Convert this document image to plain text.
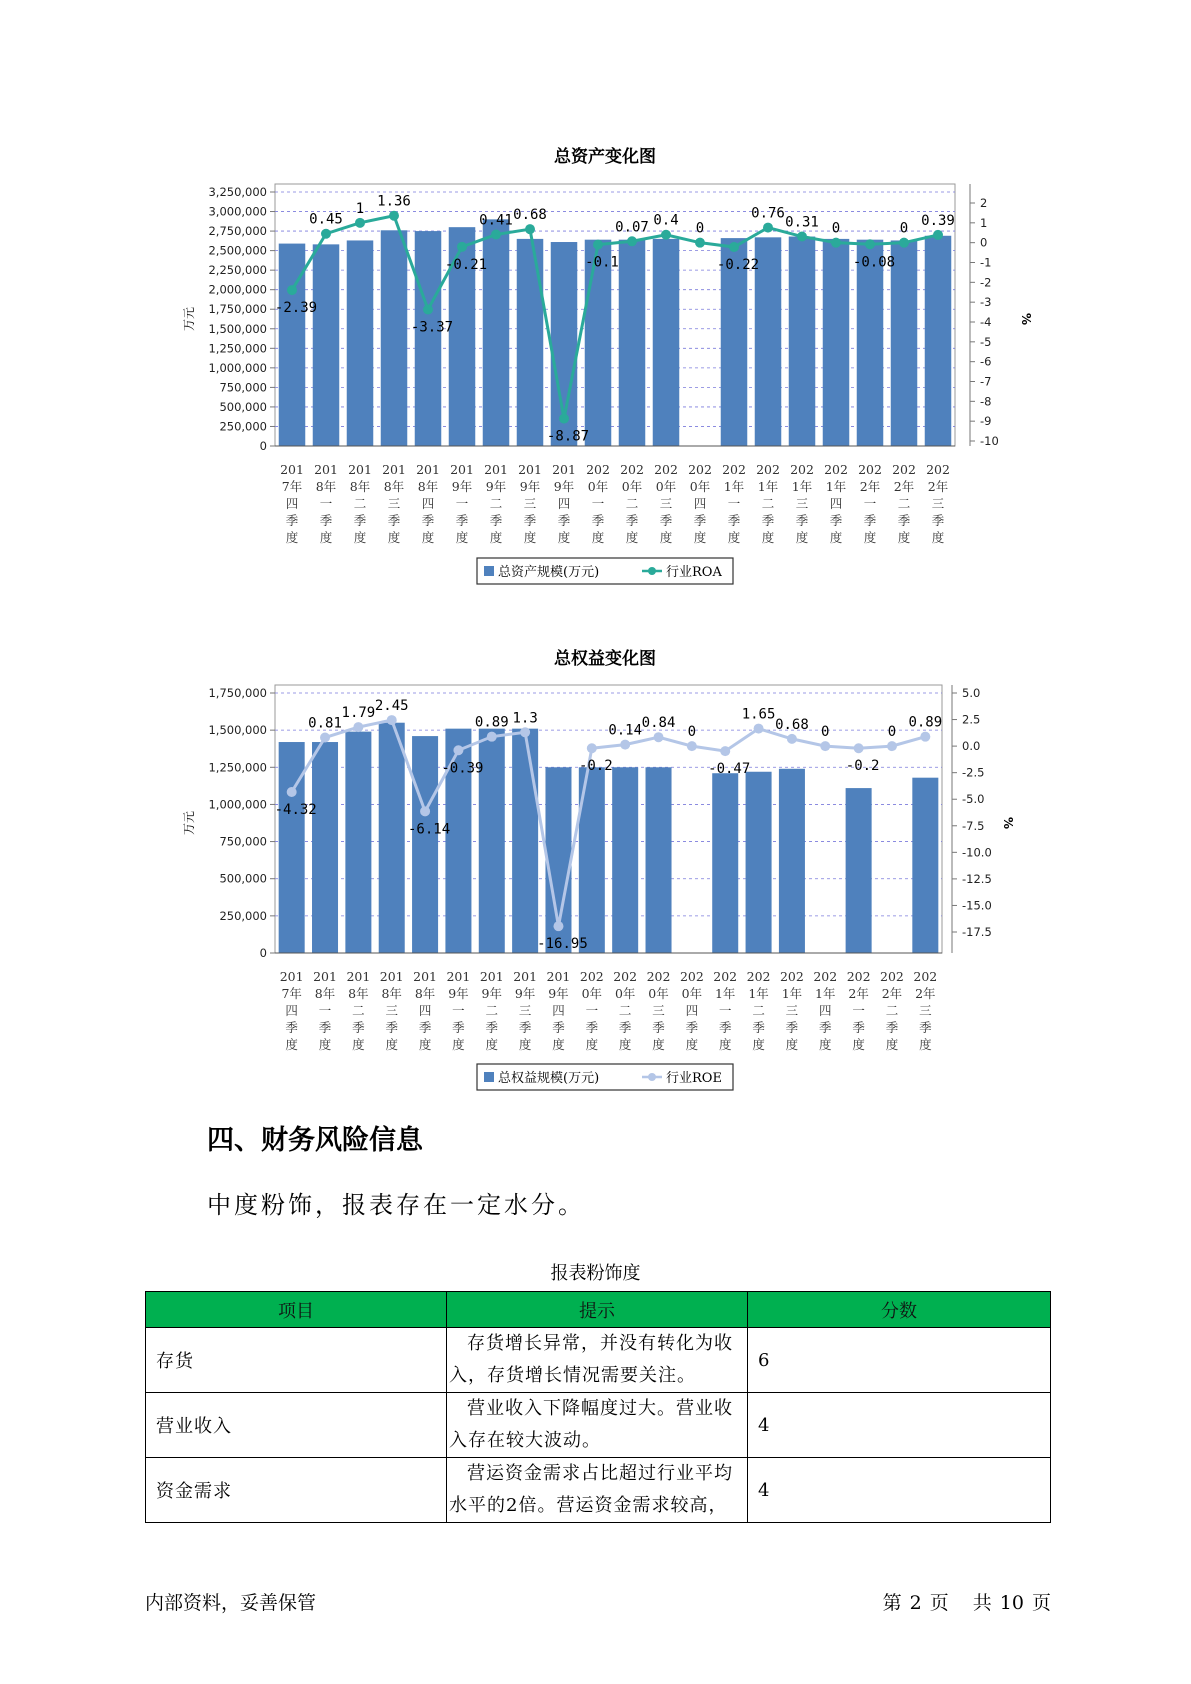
总资产变化图
0
250,000
500,000
750,000
1,000,000
1,250,000
1,500,000
1,750,000
2,000,000
2,250,000
2,500,000
2,750,000
3,000,000
3,250,000
万元
-10
-9
-8
-7
-6
-5
-4
-3
-2
-1
0
1
2
%
201 7年四季度
201 8年一季度
201 8年二季度
201 8年三季度
201 8年四季度
201 9年一季度
201 9年二季度
201 9年三季度
201 9年四季度
202 0年一季度
202 0年二季度
202 0年三季度
202 0年四季度
202 1年一季度
202 1年二季度
202 1年三季度
202 1年四季度
202 2年一季度
202 2年二季度
202 2年三季度
-2.39
0.45
1 1.36
-3.37
-0.21
0.41 0.68
-8.87
-0.1
0.07 0.4 0
-0.22
0.76
0.31 0
-0.08
0 0.39
总资产规模(万元)	行业ROA
总权益变化图
0
250,000
500,000
750,000
1,000,000
1,250,000
1,500,000
1,750,000
万元
-17.5
-15.0
-12.5
-10.0
-7.5
-5.0
-2.5
0.0
2.5
5.0
%
201 7年四季度
201 8年一季度
201 8年二季度
201 8年三季度
201 8年四季度
201 9年一季度
201 9年二季度
201 9年三季度
201 9年四季度
202 0年一季度
202 0年二季度
202 0年三季度
202 0年四季度
202 1年一季度
202 1年二季度
202 1年三季度
202 1年四季度
202 2年一季度
202 2年二季度
202 2年三季度
-4.32
0.81
1.79 2.45
-6.14
-0.39
0.89 1.3
-16.95
-0.2
0.14 0.84
0
-0.47
1.65
0.68 0
-0.2
0
0.89
总权益规模(万元)	行业ROE
四、财务风险信息

中度粉饰，报表存在一定水分。

报表粉饰度
项目	提示	分数
存货	存货增长异常，并没有转化为收
入，存货增长情况需要关注。	6
营业收入	营业收入下降幅度过大。营业收
入存在较大波动。	4
资金需求	营运资金需求占比超过行业平均
水平的2倍。营运资金需求较高，	4
内部资料，妥善保管	第 2 页 共 10 页
